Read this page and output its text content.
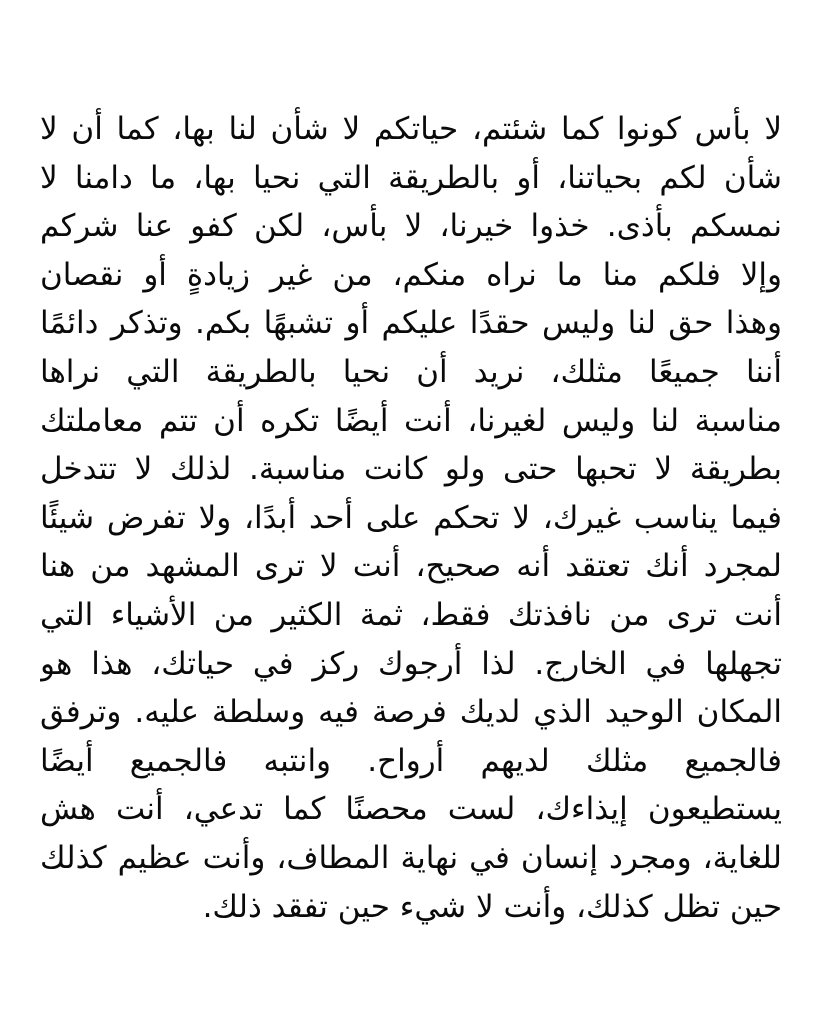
لا بأس كونوا كما شئتم، حياتكم لا شأن لنا بها، كما أن لا
شأن لكم بحياتنا، أو بالطريقة التي نحيا بها، ما دامنا لا
نمسكم بأذى. خذوا خيرنا، لا بأس، لكن كفو عنا شركم
وإلا فلكم منا ما نراه منكم، من غير زيادةٍ أو نقصان
وهذا حق لنا وليس حقدًا عليكم أو تشبهًا بكم. وتذكر دائمًا
أننا جميعًا مثلك، نريد أن نحيا بالطريقة التي نراها
مناسبة لنا وليس لغيرنا، أنت أيضًا تكره أن تتم معاملتك
بطريقة لا تحبها حتى ولو كانت مناسبة. لذلك لا تتدخل
فيما يناسب غيرك، لا تحكم على أحد أبدًا، ولا تفرض شيئًا
لمجرد أنك تعتقد أنه صحيح، أنت لا ترى المشهد من هنا
أنت ترى من نافذتك فقط، ثمة الكثير من الأشياء التي
تجهلها في الخارج. لذا أرجوك ركز في حياتك، هذا هو
المكان الوحيد الذي لديك فرصة فيه وسلطة عليه. وترفق
فالجميع مثلك لديهم أرواح. وانتبه فالجميع أيضًا
يستطيعون إيذاءك، لست محصنًا كما تدعي، أنت هش
للغاية، ومجرد إنسان في نهاية المطاف، وأنت عظيم كذلك
حين تظل كذلك، وأنت لا شيء حين تفقد ذلك.
